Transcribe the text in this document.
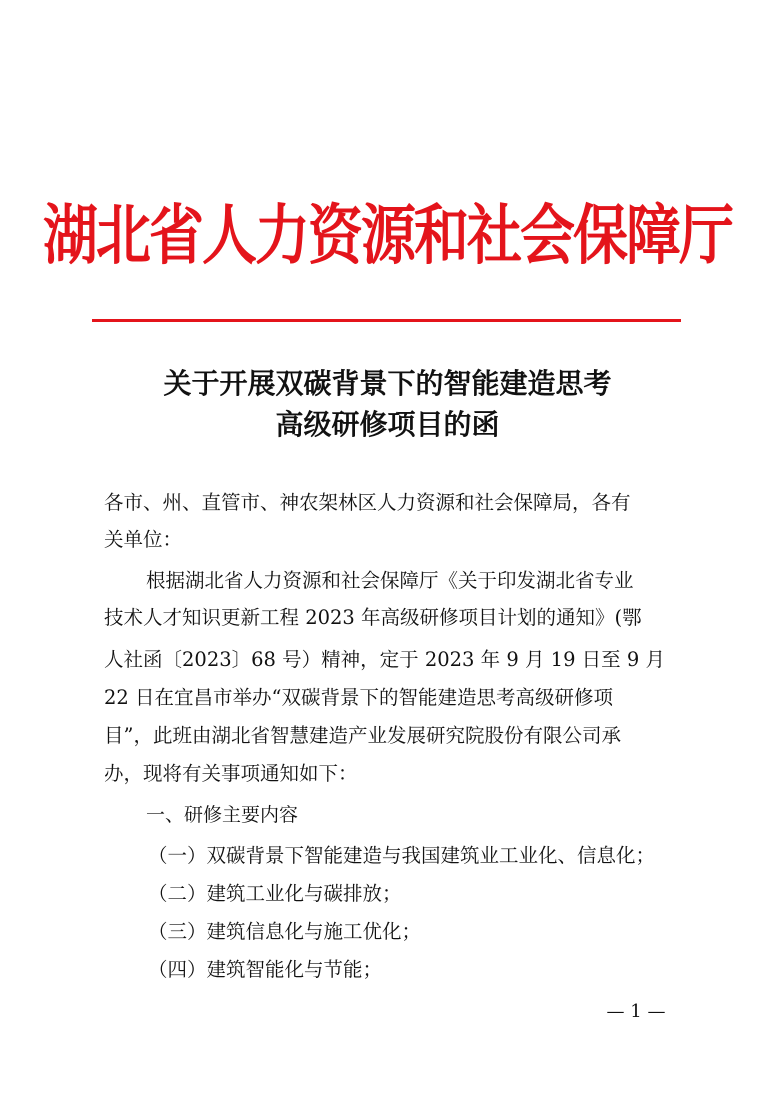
湖北省人力资源和社会保障厅
关于开展双碳背景下的智能建造思考
高级研修项目的函
各市、州、直管市、神农架林区人力资源和社会保障局，各有
关单位：
根据湖北省人力资源和社会保障厅《关于印发湖北省专业
技术人才知识更新工程 2023 年高级研修项目计划的通知》(鄂
人社函〔2023〕68 号）精神，定于 2023 年 9 月 19 日至 9 月
22 日在宜昌市举办“双碳背景下的智能建造思考高级研修项
目”，此班由湖北省智慧建造产业发展研究院股份有限公司承
办，现将有关事项通知如下：
一、研修主要内容
（一）双碳背景下智能建造与我国建筑业工业化、信息化；
（二）建筑工业化与碳排放；
（三）建筑信息化与施工优化；
（四）建筑智能化与节能；
— 1 —
